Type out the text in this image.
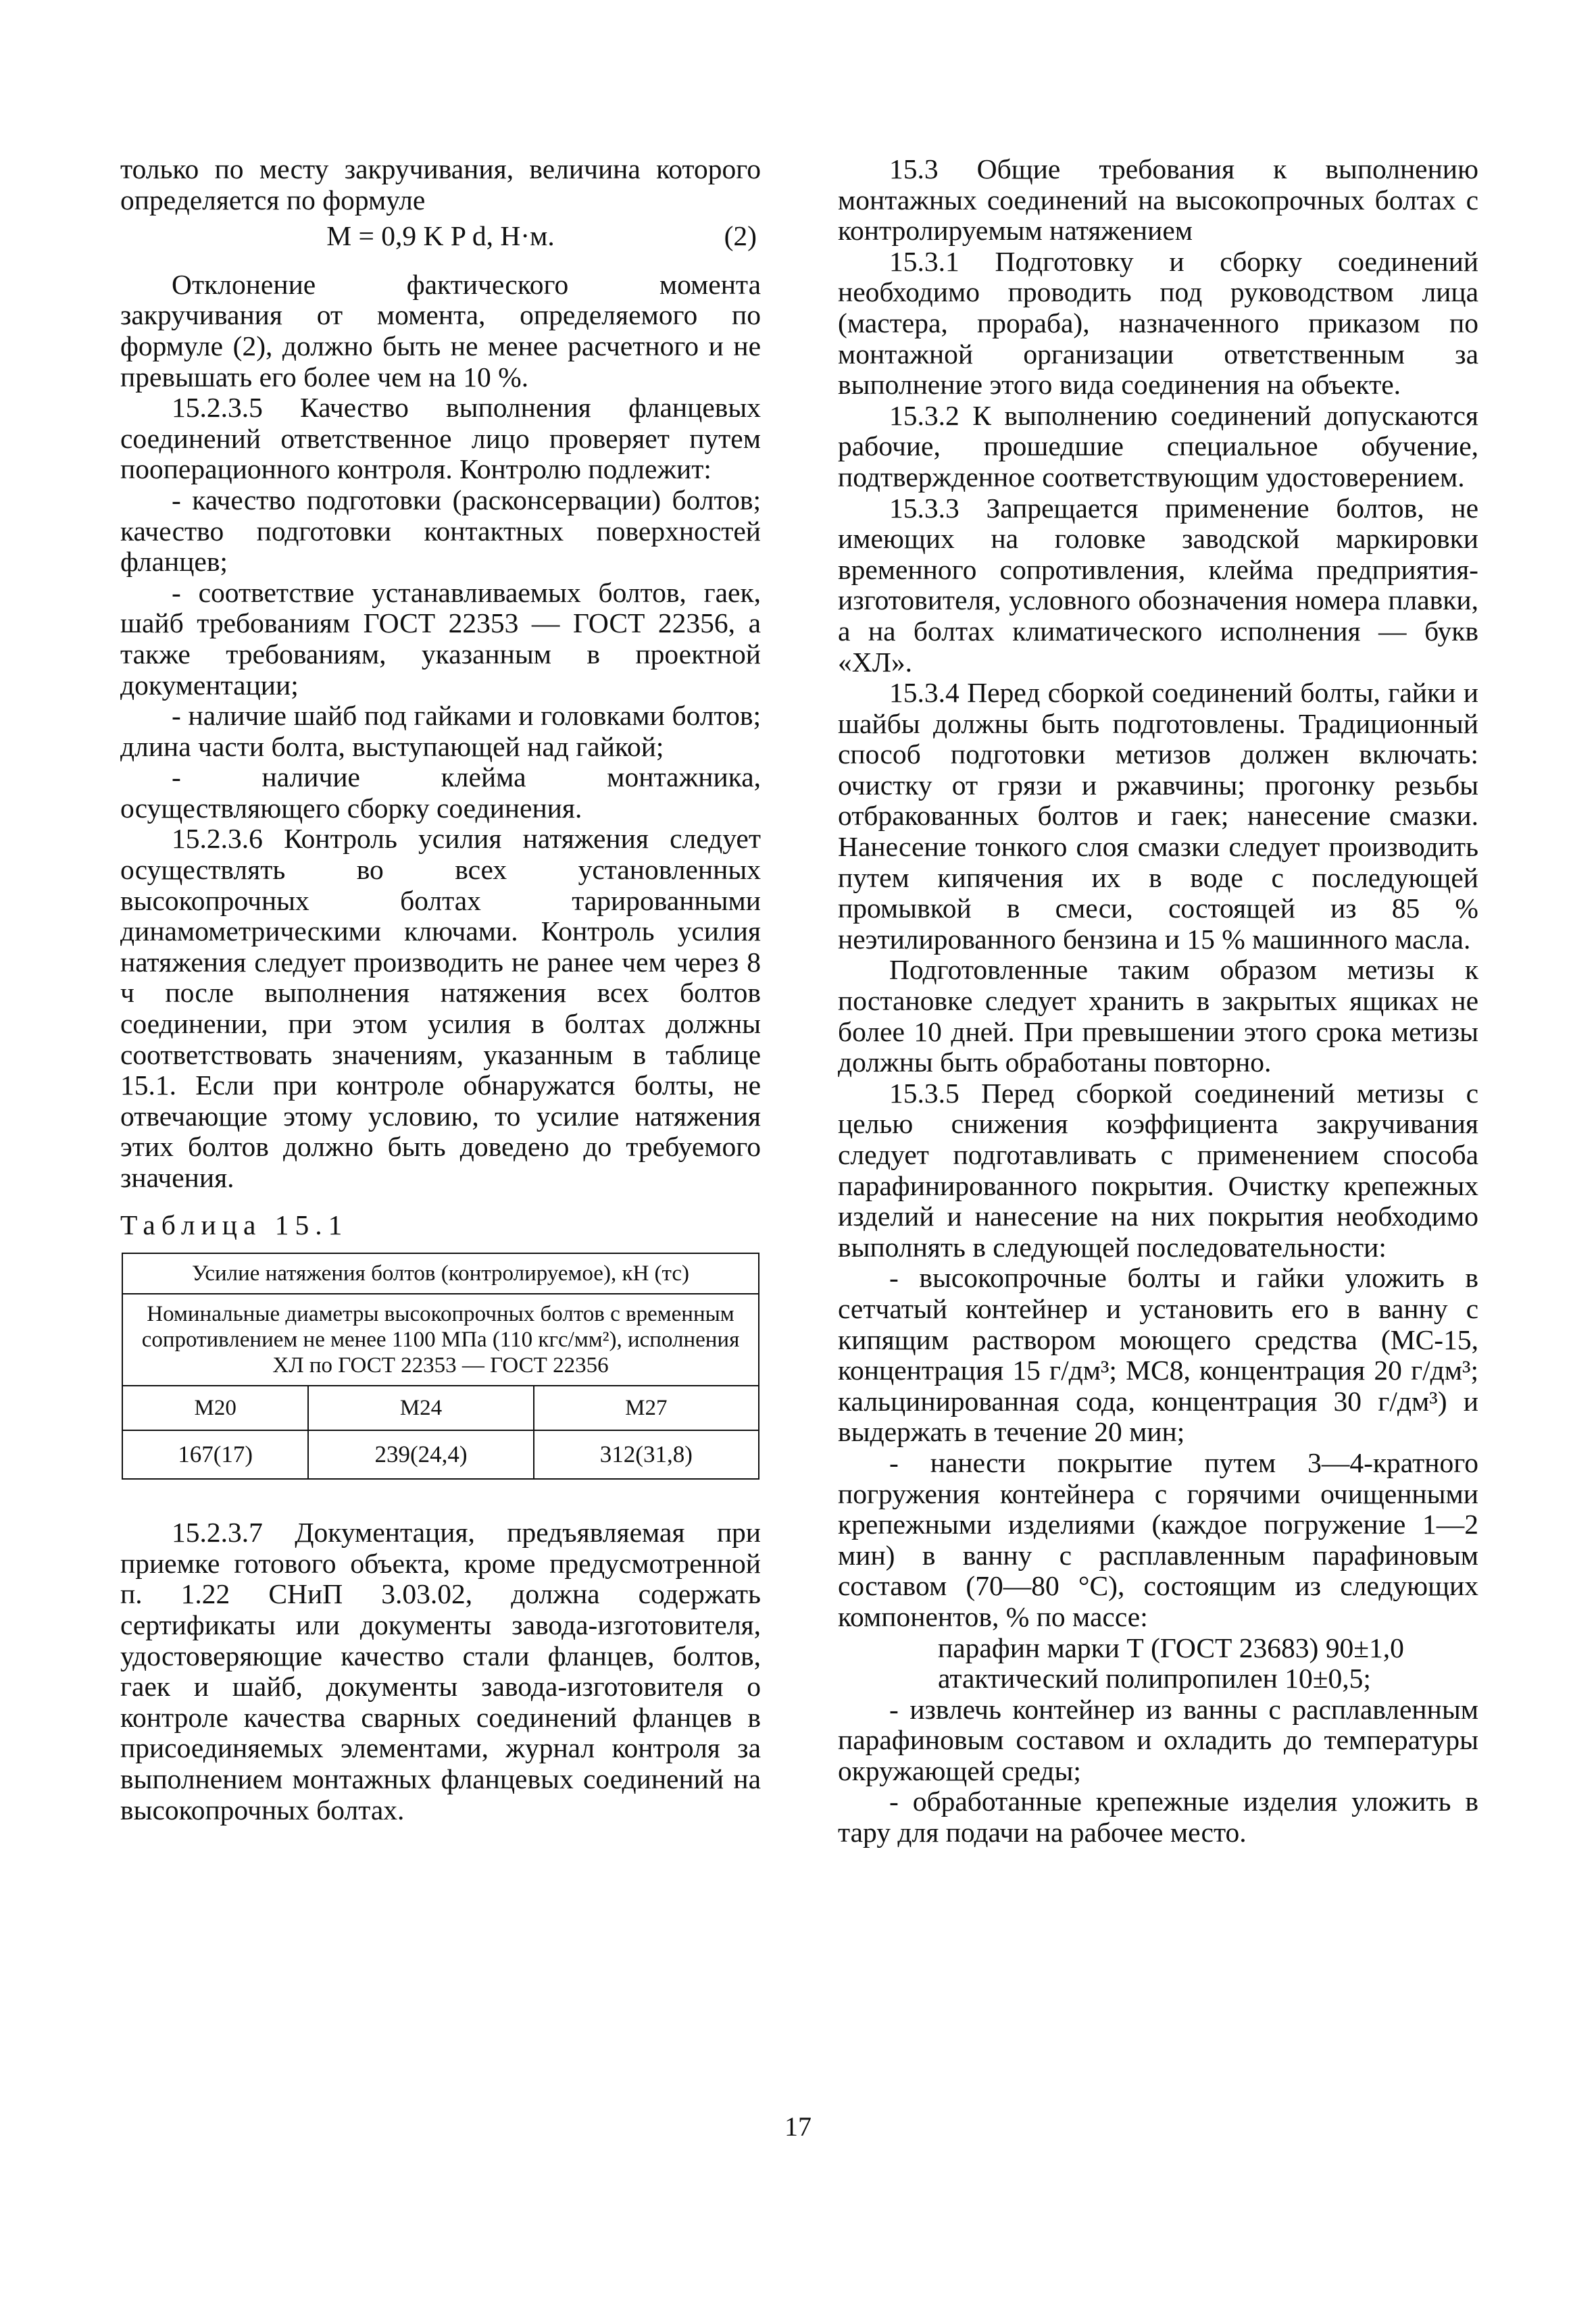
только по месту закручивания, величина которого определяется по формуле

M = 0,9 K P d, Н·м.	(2)

Отклонение фактического момента закручивания от момента, определяемого по формуле (2), должно быть не менее расчетного и не превышать его более чем на 10 %.

15.2.3.5 Качество выполнения фланцевых соединений ответственное лицо проверяет путем пооперационного контроля. Контролю подлежит:

- качество подготовки (расконсервации) болтов; качество подготовки контактных поверхностей фланцев;

- соответствие устанавливаемых болтов, гаек, шайб требованиям ГОСТ 22353 — ГОСТ 22356, а также требованиям, указанным в проектной документации;

- наличие шайб под гайками и головками болтов; длина части болта, выступающей над гайкой;

- наличие клейма монтажника, осуществляющего сборку соединения.

15.2.3.6 Контроль усилия натяжения следует осуществлять во всех установленных высокопрочных болтах тарированными динамометрическими ключами. Контроль усилия натяжения следует производить не ранее чем через 8 ч после выполнения натяжения всех болтов соединении, при этом усилия в болтах должны соответствовать значениям, указанным в таблице 15.1. Если при контроле обнаружатся болты, не отвечающие этому условию, то усилие натяжения этих болтов должно быть доведено до требуемого значения.

Таблица 15.1

Усилие натяжения болтов (контролируемое), кН (тс)		
Номинальные диаметры высокопрочных болтов с временным сопротивлением не менее 1100 МПа (110 кгс/мм²), исполнения ХЛ по ГОСТ 22353 — ГОСТ 22356		
М20	М24	М27
167(17)	239(24,4)	312(31,8)

15.2.3.7 Документация, предъявляемая при приемке готового объекта, кроме предусмотренной п. 1.22 СНиП 3.03.02, должна содержать сертификаты или документы завода-изготовителя, удостоверяющие качество стали фланцев, болтов, гаек и шайб, документы завода-изготовителя о контроле качества сварных соединений фланцев в присоединяемых элементами, журнал контроля за выполнением монтажных фланцевых соединений на высокопрочных болтах.

15.3 Общие требования к выполнению монтажных соединений на высокопрочных болтах с контролируемым натяжением

15.3.1 Подготовку и сборку соединений необходимо проводить под руководством лица (мастера, прораба), назначенного приказом по монтажной организации ответственным за выполнение этого вида соединения на объекте.

15.3.2 К выполнению соединений допускаются рабочие, прошедшие специальное обучение, подтвержденное соответствующим удостоверением.

15.3.3 Запрещается применение болтов, не имеющих на головке заводской маркировки временного сопротивления, клейма предприятия-изготовителя, условного обозначения номера плавки, а на болтах климатического исполнения — букв «ХЛ».

15.3.4 Перед сборкой соединений болты, гайки и шайбы должны быть подготовлены. Традиционный способ подготовки метизов должен включать: очистку от грязи и ржавчины; прогонку резьбы отбракованных болтов и гаек; нанесение смазки. Нанесение тонкого слоя смазки следует производить путем кипячения их в воде с последующей промывкой в смеси, состоящей из 85 % неэтилированного бензина и 15 % машинного масла.

Подготовленные таким образом метизы к постановке следует хранить в закрытых ящиках не более 10 дней. При превышении этого срока метизы должны быть обработаны повторно.

15.3.5 Перед сборкой соединений метизы с целью снижения коэффициента закручивания следует подготавливать с применением способа парафинированного покрытия. Очистку крепежных изделий и нанесение на них покрытия необходимо выполнять в следующей последовательности:

- высокопрочные болты и гайки уложить в сетчатый контейнер и установить его в ванну с кипящим раствором моющего средства (МС-15, концентрация 15 г/дм³; МС8, концентрация 20 г/дм³; кальцинированная сода, концентрация 30 г/дм³) и выдержать в течение 20 мин;

- нанести покрытие путем 3—4-кратного погружения контейнера с горячими очищенными крепежными изделиями (каждое погружение 1—2 мин) в ванну с расплавленным парафиновым составом (70—80 °С), состоящим из следующих компонентов, % по массе:

парафин марки Т (ГОСТ 23683) 90±1,0

атактический полипропилен 10±0,5;

- извлечь контейнер из ванны с расплавленным парафиновым составом и охладить до температуры окружающей среды;

- обработанные крепежные изделия уложить в тару для подачи на рабочее место.

17
